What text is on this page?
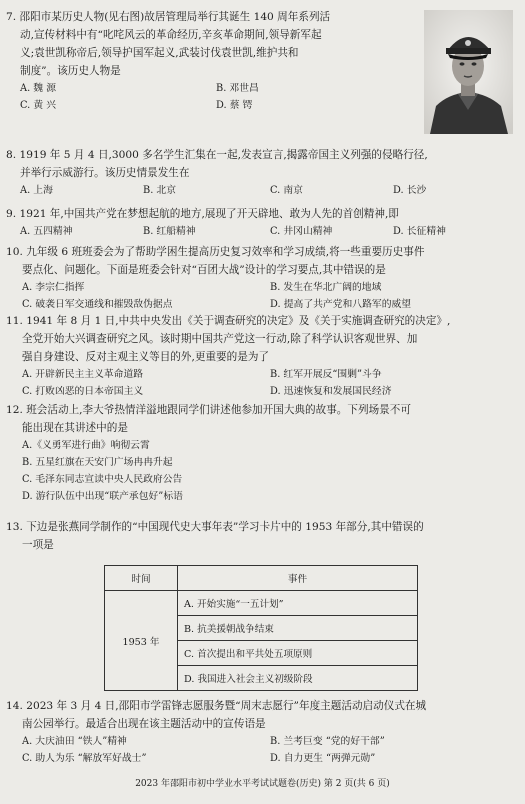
7. 邵阳市某历史人物(见右图)故居管理局举行其诞生 140 周年系列活
动,宣传材料中有“叱咤风云的革命经历,辛亥革命期间,领导新军起
义;袁世凯称帝后,领导护国军起义,武装讨伐袁世凯,维护共和
制度”。该历史人物是
A. 魏 源	B. 邓世昌
C. 黄 兴	D. 蔡 锷
8. 1919 年 5 月 4 日,3000 多名学生汇集在一起,发表宣言,揭露帝国主义列强的侵略行径,
并举行示威游行。该历史情景发生在
A. 上海	B. 北京	C. 南京	D. 长沙
9. 1921 年,中国共产党在梦想起航的地方,展现了开天辟地、敢为人先的首创精神,即
A. 五四精神	B. 红船精神	C. 井冈山精神	D. 长征精神
10. 九年级 6 班班委会为了帮助学困生提高历史复习效率和学习成绩,将一些重要历史事件
要点化、问题化。下面是班委会针对“百团大战”设计的学习要点,其中错误的是
A. 李宗仁指挥	B. 发生在华北广阔的地域
C. 破袭日军交通线和摧毁敌伪据点	D. 提高了共产党和八路军的威望
11. 1941 年 8 月 1 日,中共中央发出《关于调查研究的决定》及《关于实施调查研究的决定》,
全党开始大兴调查研究之风。该时期中国共产党这一行动,除了科学认识客观世界、加
强自身建设、反对主观主义等目的外,更重要的是为了
A. 开辟新民主主义革命道路	B. 红军开展反“围剿”斗争
C. 打败凶恶的日本帝国主义	D. 迅速恢复和发展国民经济
12. 班会活动上,李大爷热情洋溢地跟同学们讲述他参加开国大典的故事。下列场景不可
能出现在其讲述中的是
A.《义勇军进行曲》响彻云霄
B. 五星红旗在天安门广场冉冉升起
C. 毛泽东同志宣读中央人民政府公告
D. 游行队伍中出现“联产承包好”标语
13. 下边是张燕同学制作的“中国现代史大事年表”学习卡片中的 1953 年部分,其中错误的
一项是
时间	事件
1953 年	A. 开始实施“一五计划”
	B. 抗美援朝战争结束
	C. 首次提出和平共处五项原则
	D. 我国进入社会主义初级阶段
14. 2023 年 3 月 4 日,邵阳市学雷锋志愿服务暨“周末志愿行”年度主题活动启动仪式在城
南公园举行。最适合出现在该主题活动中的宣传语是
A. 大庆油田 “铁人”精神	B. 兰考巨变 “党的好干部”
C. 助人为乐 “解放军好战士”	D. 自力更生 “两弹元勋”
2023 年邵阳市初中学业水平考试试题卷(历史) 第 2 页(共 6 页)
